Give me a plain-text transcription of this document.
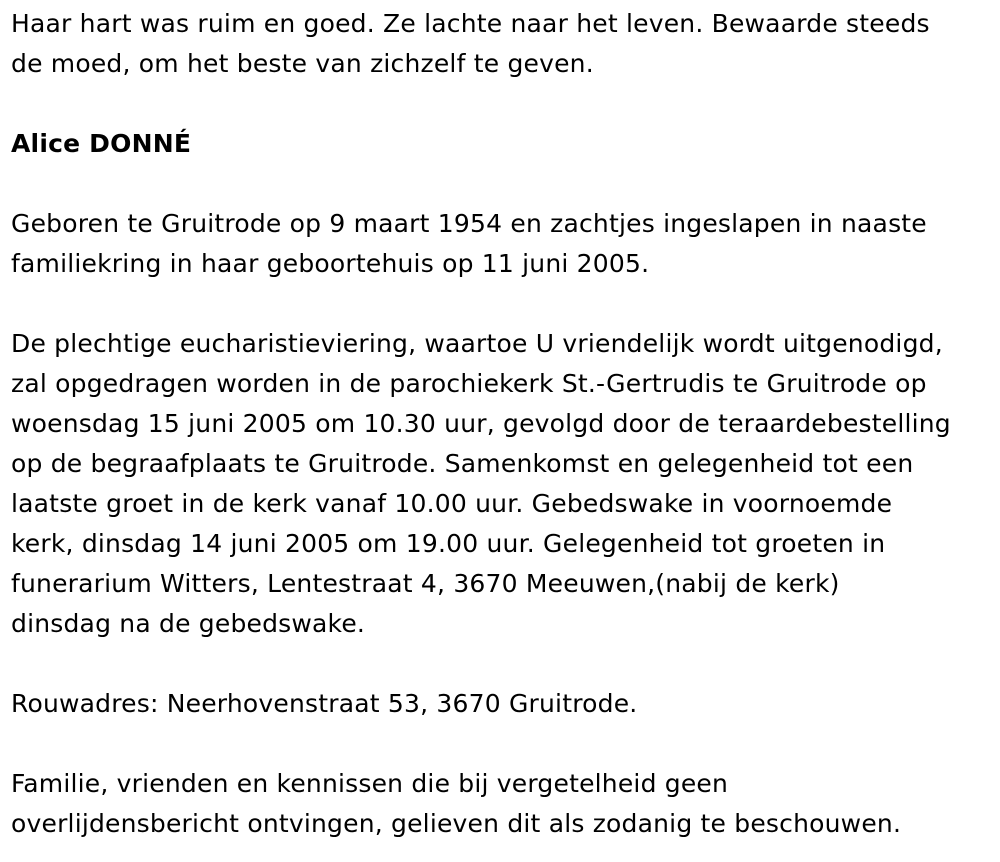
Haar hart was ruim en goed. Ze lachte naar het leven. Bewaarde steeds
de moed, om het beste van zichzelf te geven.

Alice DONNÉ

Geboren te Gruitrode op 9 maart 1954 en zachtjes ingeslapen in naaste
familiekring in haar geboortehuis op 11 juni 2005.

De plechtige eucharistieviering, waartoe U vriendelijk wordt uitgenodigd,
zal opgedragen worden in de parochiekerk St.-Gertrudis te Gruitrode op
woensdag 15 juni 2005 om 10.30 uur, gevolgd door de teraardebestelling
op de begraafplaats te Gruitrode. Samenkomst en gelegenheid tot een
laatste groet in de kerk vanaf 10.00 uur. Gebedswake in voornoemde
kerk, dinsdag 14 juni 2005 om 19.00 uur. Gelegenheid tot groeten in
funerarium Witters, Lentestraat 4, 3670 Meeuwen,(nabij de kerk)
dinsdag na de gebedswake.

Rouwadres: Neerhovenstraat 53, 3670 Gruitrode.

Familie, vrienden en kennissen die bij vergetelheid geen
overlijdensbericht ontvingen, gelieven dit als zodanig te beschouwen.
